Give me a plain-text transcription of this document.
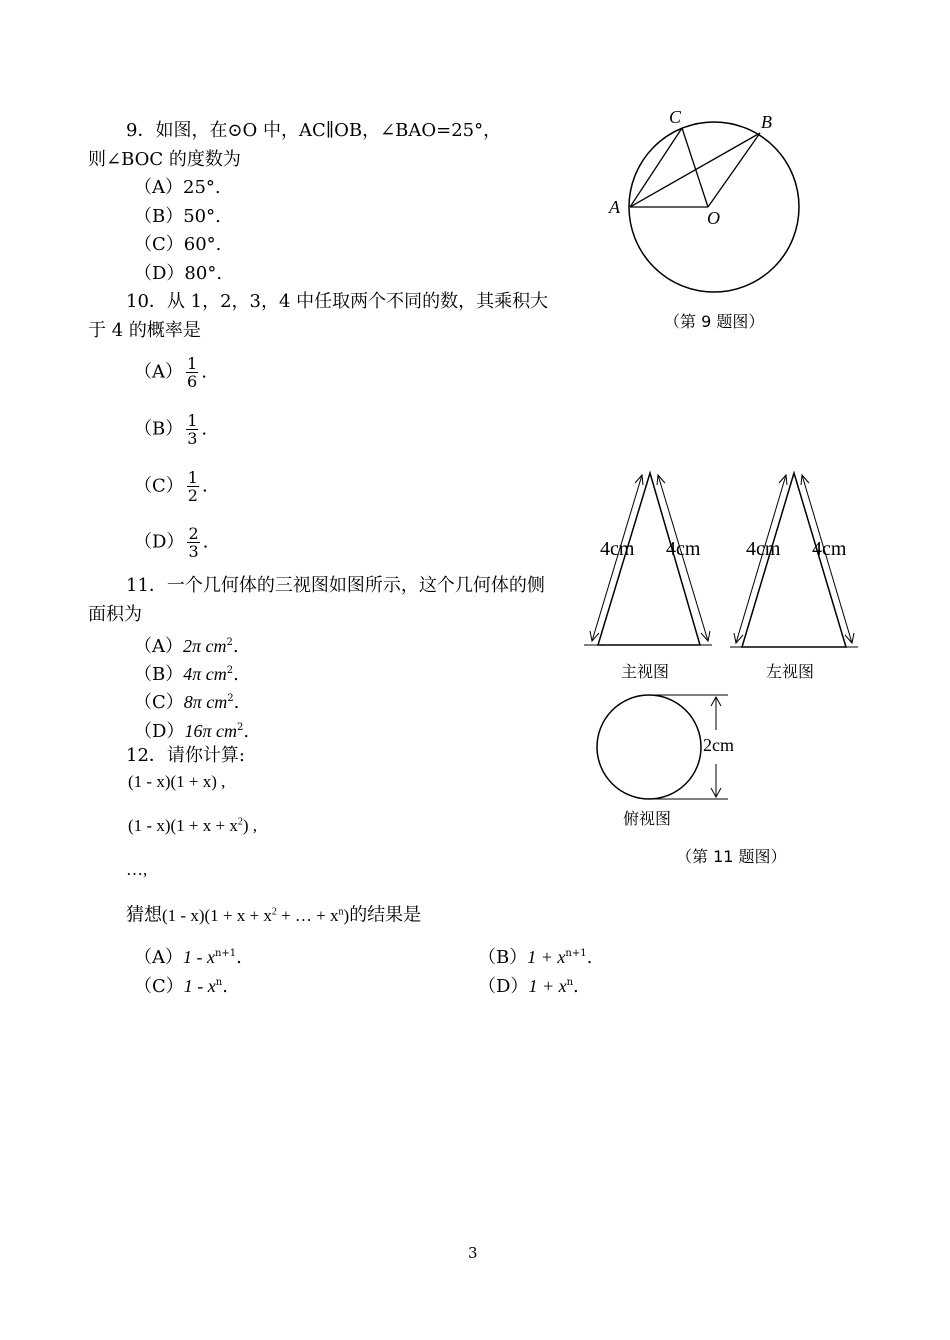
9．如图，在⊙O 中，AC∥OB，∠BAO=25°，
则∠BOC 的度数为
（A）25°.
（B）50°.
（C）60°.
（D）80°.
C	B
A
O
（第 9 题图）
10．从 1，2，3，4 中任取两个不同的数，其乘积大
于 4 的概率是
$(A) \frac{1}{6}$ .
$(B) \frac{1}{3}$ .
$(C) \frac{1}{2}$ .
$(D) \frac{2}{3}$ .
11．一个几何体的三视图如图所示，这个几何体的侧
面积为
（A）2π $cm^2$.
（B）4π $cm^2$.
（C）8π $cm^2$.
（D）16π $cm^2$.
4cm 4cm
主视图
4cm 4cm
左视图
2cm
俯视图
（第 11 题图）
12．请你计算:
(1 - x)(1 + x) ,
$(1 - x)(1 + x + x^2)$ ,
…,
猜想$(1 - x)(1 + x + x^2$ + … + $x^n$)的结果是
$(A)1 - x^{n+1}$.	$(B)1 + x^{n+1}$.
$(C)1 - x^n$.	$(D)1 + x^n$.
3
